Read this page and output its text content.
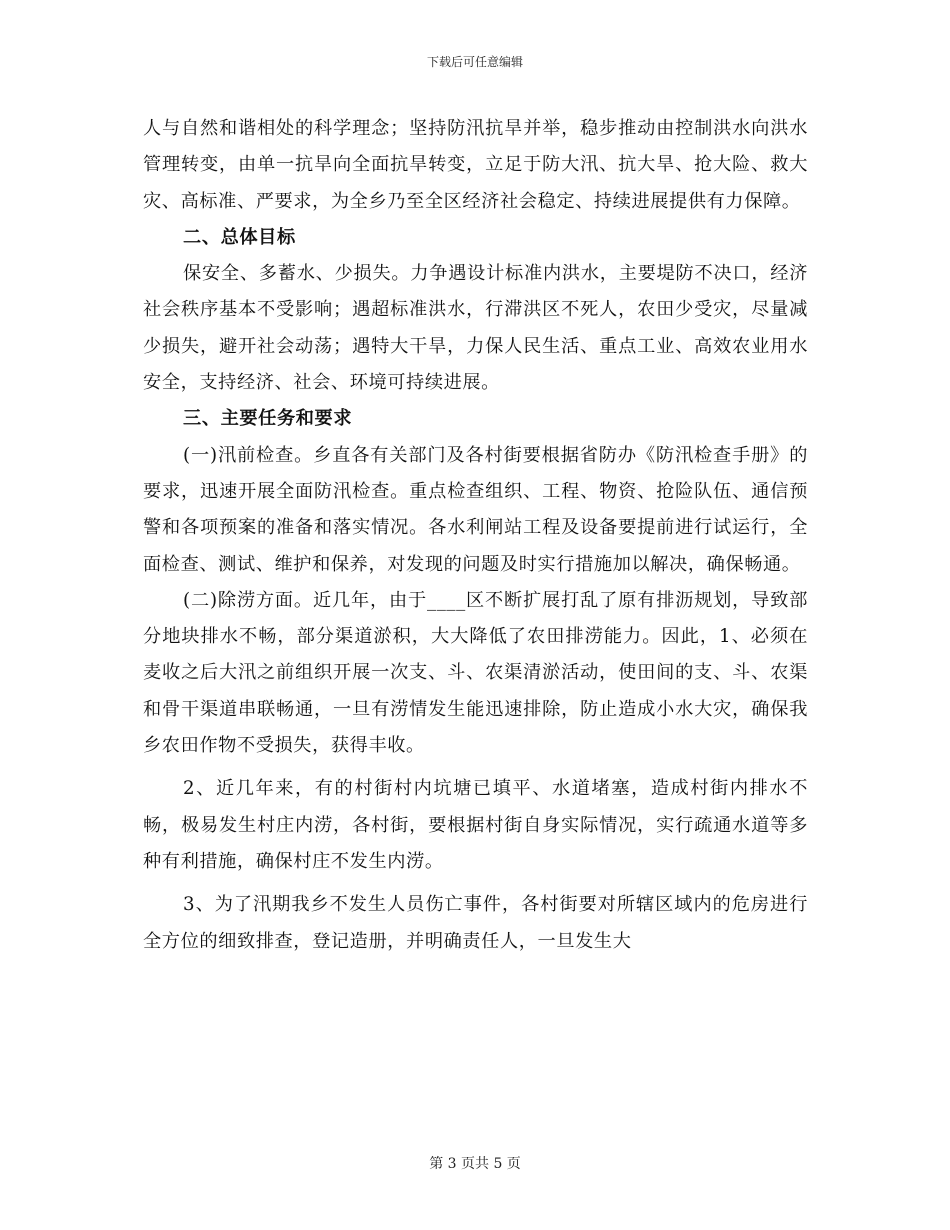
下载后可任意编辑

人与自然和谐相处的科学理念；坚持防汛抗旱并举，稳步推动由控制洪水向洪水管理转变，由单一抗旱向全面抗旱转变，立足于防大汛、抗大旱、抢大险、救大灾、高标准、严要求，为全乡乃至全区经济社会稳定、持续进展提供有力保障。

二、总体目标

保安全、多蓄水、少损失。力争遇设计标准内洪水，主要堤防不决口，经济社会秩序基本不受影响；遇超标准洪水，行滞洪区不死人，农田少受灾，尽量减少损失，避开社会动荡；遇特大干旱，力保人民生活、重点工业、高效农业用水安全，支持经济、社会、环境可持续进展。

三、主要任务和要求

(一)汛前检查。乡直各有关部门及各村街要根据省防办《防汛检查手册》的要求，迅速开展全面防汛检查。重点检查组织、工程、物资、抢险队伍、通信预警和各项预案的准备和落实情况。各水利闸站工程及设备要提前进行试运行，全面检查、测试、维护和保养，对发现的问题及时实行措施加以解决，确保畅通。

(二)除涝方面。近几年，由于____区不断扩展打乱了原有排沥规划，导致部分地块排水不畅，部分渠道淤积，大大降低了农田排涝能力。因此，1、必须在麦收之后大汛之前组织开展一次支、斗、农渠清淤活动，使田间的支、斗、农渠和骨干渠道串联畅通，一旦有涝情发生能迅速排除，防止造成小水大灾，确保我乡农田作物不受损失，获得丰收。

2、近几年来，有的村街村内坑塘已填平、水道堵塞，造成村街内排水不畅，极易发生村庄内涝，各村街，要根据村街自身实际情况，实行疏通水道等多种有利措施，确保村庄不发生内涝。

3、为了汛期我乡不发生人员伤亡事件，各村街要对所辖区域内的危房进行全方位的细致排查，登记造册，并明确责任人，一旦发生大

第 3 页共 5 页
